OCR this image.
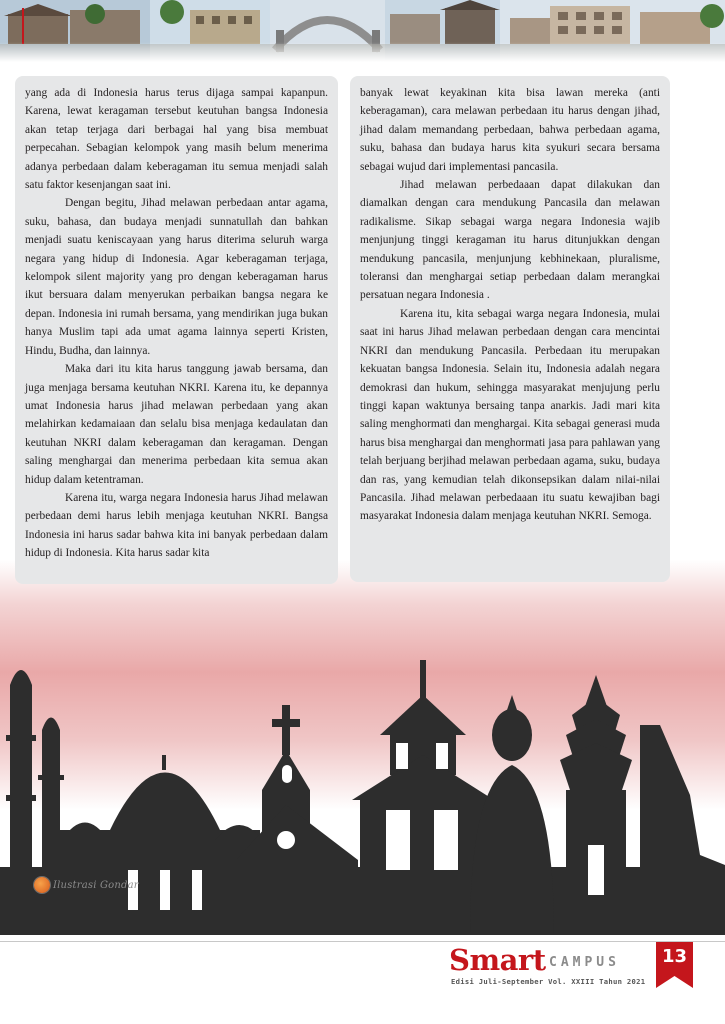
yang ada di Indonesia harus terus dijaga sampai kapanpun. Karena, lewat keragaman tersebut keutuhan bangsa Indonesia akan tetap terjaga dari berbagai hal yang bisa membuat perpecahan. Sebagian kelompok yang masih belum menerima adanya perbedaan dalam keberagaman itu semua menjadi salah satu faktor kesenjangan saat ini.

Dengan begitu, Jihad melawan perbedaan antar agama, suku, bahasa, dan budaya menjadi sunnatullah dan bahkan menjadi suatu keniscayaan yang harus diterima seluruh warga negara yang hidup di Indonesia. Agar keberagaman terjaga, kelompok silent majority yang pro dengan keberagaman harus ikut bersuara dalam menyerukan perbaikan bangsa negara ke depan. Indonesia ini rumah bersama, yang mendirikan juga bukan hanya Muslim tapi ada umat agama lainnya seperti Kristen, Hindu, Budha, dan lainnya.

Maka dari itu kita harus tanggung jawab bersama, dan juga menjaga bersama keutuhan NKRI. Karena itu, ke depannya umat Indonesia harus jihad melawan perbedaan yang akan melahirkan kedamaiaan dan selalu bisa menjaga kedaulatan dan keutuhan NKRI dalam keberagaman dan keragaman. Dengan saling menghargai dan menerima perbedaan kita semua akan hidup dalam ketentraman.

Karena itu, warga negara Indonesia harus Jihad melawan perbedaan demi harus lebih menjaga keutuhan NKRI. Bangsa Indonesia ini harus sadar bahwa kita ini banyak perbedaan dalam hidup di Indonesia. Kita harus sadar kita

banyak lewat keyakinan kita bisa lawan mereka (anti keberagaman), cara melawan perbedaan itu harus dengan jihad, jihad dalam memandang perbedaan, bahwa perbedaan agama, suku, bahasa dan budaya harus kita syukuri secara bersama sebagai wujud dari implementasi pancasila.

Jihad melawan perbedaaan dapat dilakukan dan diamalkan dengan cara mendukung Pancasila dan melawan radikalisme. Sikap sebagai warga negara Indonesia wajib menjunjung tinggi keragaman itu harus ditunjukkan dengan mendukung pancasila, menjunjung kebhinekaan, pluralisme, toleransi dan menghargai setiap perbedaan dalam merangkai persatuan negara Indonesia .

Karena itu, kita sebagai warga negara Indonesia, mulai saat ini harus Jihad melawan perbedaan dengan cara mencintai NKRI dan mendukung Pancasila. Perbedaan itu merupakan kekuatan bangsa Indonesia. Selain itu, Indonesia adalah negara demokrasi dan hukum, sehingga masyarakat menjujung perlu tinggi kapan waktunya bersaing tanpa anarkis. Jadi mari kita saling menghormati dan menghargai. Kita sebagai generasi muda harus bisa menghargai dan menghormati jasa para pahlawan yang telah berjuang berjihad melawan perbedaan agama, suku, budaya dan ras, yang kemudian telah dikonsepsikan dalam nilai-nilai Pancasila. Jihad melawan perbedaaan itu suatu kewajiban bagi masyarakat Indonesia dalam menjaga keutuhan NKRI. Semoga.

Ilustrasi Gondar
Smart CAMPUS
Edisi Juli-September Vol. XXIII Tahun 2021
13
